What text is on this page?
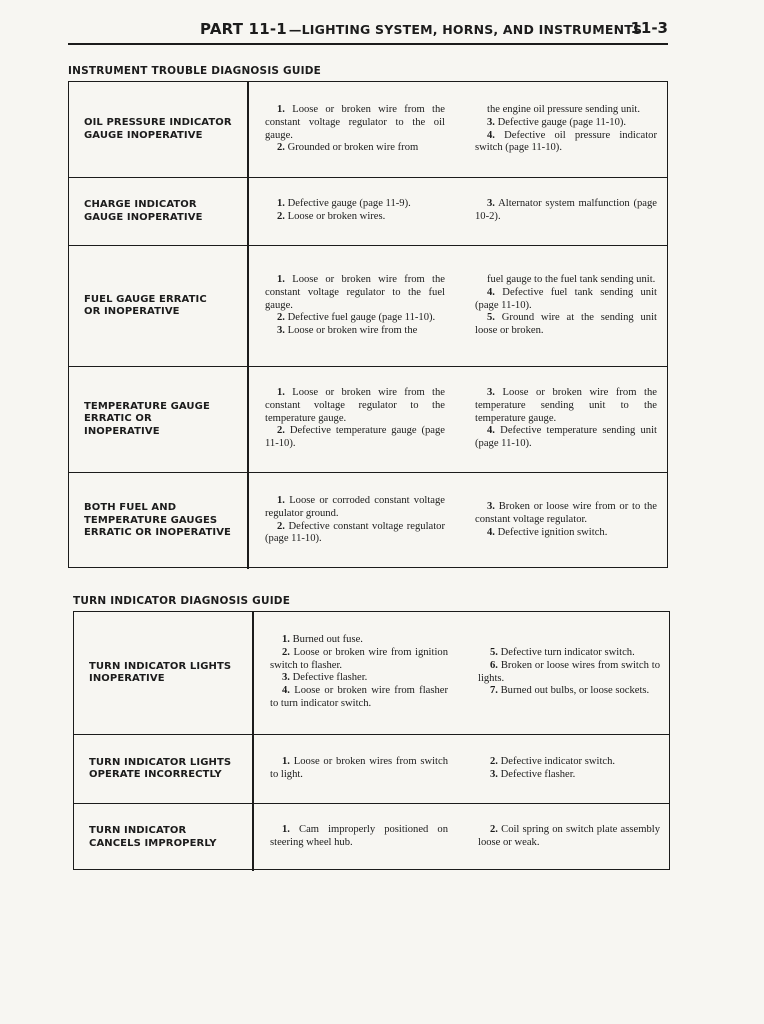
PART 11-1 —LIGHTING SYSTEM, HORNS, AND INSTRUMENTS
11-3
INSTRUMENT TROUBLE DIAGNOSIS GUIDE
OIL PRESSURE INDICATOR
GAUGE INOPERATIVE

1. Loose or broken wire from the constant voltage regulator to the oil gauge.

2. Grounded or broken wire from

the engine oil pressure sending unit.

3. Defective gauge (page 11-10).

4. Defective oil pressure indicator switch (page 11-10).

CHARGE INDICATOR
GAUGE INOPERATIVE

1. Defective gauge (page 11-9).

2. Loose or broken wires.

3. Alternator system malfunction (page 10-2).

FUEL GAUGE ERRATIC
OR INOPERATIVE

1. Loose or broken wire from the constant voltage regulator to the fuel gauge.

2. Defective fuel gauge (page 11-10).

3. Loose or broken wire from the

fuel gauge to the fuel tank sending unit.

4. Defective fuel tank sending unit (page 11-10).

5. Ground wire at the sending unit loose or broken.

TEMPERATURE GAUGE
ERRATIC OR
INOPERATIVE

1. Loose or broken wire from the constant voltage regulator to the temperature gauge.

2. Defective temperature gauge (page 11-10).

3. Loose or broken wire from the temperature sending unit to the temperature gauge.

4. Defective temperature sending unit (page 11-10).

BOTH FUEL AND
TEMPERATURE GAUGES
ERRATIC OR INOPERATIVE

1. Loose or corroded constant voltage regulator ground.

2. Defective constant voltage regulator (page 11-10).

3. Broken or loose wire from or to the constant voltage regulator.

4. Defective ignition switch.

TURN INDICATOR DIAGNOSIS GUIDE
TURN INDICATOR LIGHTS
INOPERATIVE

1. Burned out fuse.

2. Loose or broken wire from ignition switch to flasher.

3. Defective flasher.

4. Loose or broken wire from flasher to turn indicator switch.

5. Defective turn indicator switch.

6. Broken or loose wires from switch to lights.

7. Burned out bulbs, or loose sockets.

TURN INDICATOR LIGHTS
OPERATE INCORRECTLY

1. Loose or broken wires from switch to light.

2. Defective indicator switch.

3. Defective flasher.

TURN INDICATOR
CANCELS IMPROPERLY

1. Cam improperly positioned on steering wheel hub.

2. Coil spring on switch plate assembly loose or weak.
